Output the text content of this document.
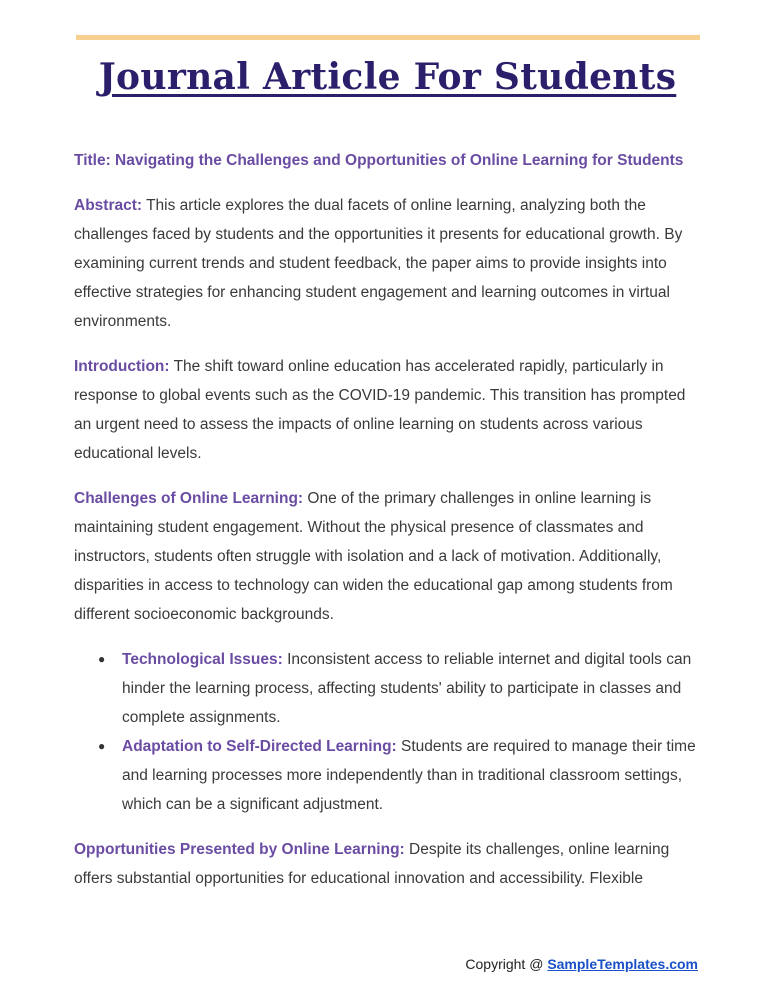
Journal Article For Students

Title: Navigating the Challenges and Opportunities of Online Learning for Students

Abstract: This article explores the dual facets of online learning, analyzing both the challenges faced by students and the opportunities it presents for educational growth. By examining current trends and student feedback, the paper aims to provide insights into effective strategies for enhancing student engagement and learning outcomes in virtual environments.

Introduction: The shift toward online education has accelerated rapidly, particularly in response to global events such as the COVID-19 pandemic. This transition has prompted an urgent need to assess the impacts of online learning on students across various educational levels.

Challenges of Online Learning: One of the primary challenges in online learning is maintaining student engagement. Without the physical presence of classmates and instructors, students often struggle with isolation and a lack of motivation. Additionally, disparities in access to technology can widen the educational gap among students from different socioeconomic backgrounds.

● Technological Issues: Inconsistent access to reliable internet and digital tools can hinder the learning process, affecting students' ability to participate in classes and complete assignments.
● Adaptation to Self-Directed Learning: Students are required to manage their time and learning processes more independently than in traditional classroom settings, which can be a significant adjustment.

Opportunities Presented by Online Learning: Despite its challenges, online learning offers substantial opportunities for educational innovation and accessibility. Flexible

Copyright @ SampleTemplates.com
